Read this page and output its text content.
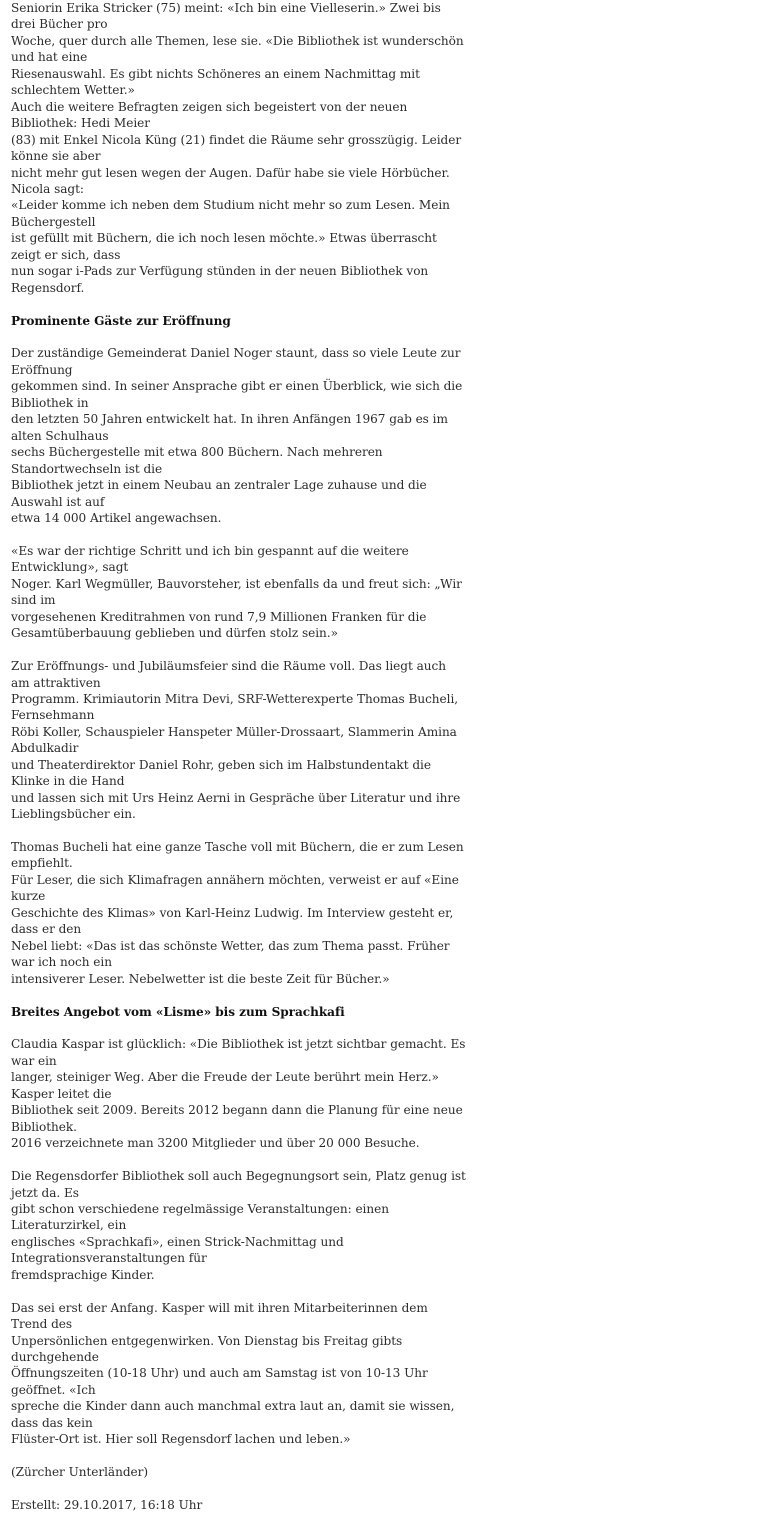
Seniorin Erika Stricker (75) meint: «Ich bin eine Vielleserin.» Zwei bis drei Bücher pro
Woche, quer durch alle Themen, lese sie. «Die Bibliothek ist wunderschön und hat eine
Riesenauswahl. Es gibt nichts Schöneres an einem Nachmittag mit schlechtem Wetter.»
Auch die weitere Befragten zeigen sich begeistert von der neuen Bibliothek: Hedi Meier
(83) mit Enkel Nicola Küng (21) findet die Räume sehr grosszügig. Leider könne sie aber
nicht mehr gut lesen wegen der Augen. Dafür habe sie viele Hörbücher. Nicola sagt:
«Leider komme ich neben dem Studium nicht mehr so zum Lesen. Mein Büchergestell
ist gefüllt mit Büchern, die ich noch lesen möchte.» Etwas überrascht zeigt er sich, dass
nun sogar i-Pads zur Verfügung stünden in der neuen Bibliothek von Regensdorf.

Prominente Gäste zur Eröffnung

Der zuständige Gemeinderat Daniel Noger staunt, dass so viele Leute zur Eröffnung
gekommen sind. In seiner Ansprache gibt er einen Überblick, wie sich die Bibliothek in
den letzten 50 Jahren entwickelt hat. In ihren Anfängen 1967 gab es im alten Schulhaus
sechs Büchergestelle mit etwa 800 Büchern. Nach mehreren Standortwechseln ist die
Bibliothek jetzt in einem Neubau an zentraler Lage zuhause und die Auswahl ist auf
etwa 14 000 Artikel angewachsen.

«Es war der richtige Schritt und ich bin gespannt auf die weitere Entwicklung», sagt
Noger. Karl Wegmüller, Bauvorsteher, ist ebenfalls da und freut sich: „Wir sind im
vorgesehenen Kreditrahmen von rund 7,9 Millionen Franken für die
Gesamtüberbauung geblieben und dürfen stolz sein.»

Zur Eröffnungs- und Jubiläumsfeier sind die Räume voll. Das liegt auch am attraktiven
Programm. Krimiautorin Mitra Devi, SRF-Wetterexperte Thomas Bucheli, Fernsehmann
Röbi Koller, Schauspieler Hanspeter Müller-Drossaart, Slammerin Amina Abdulkadir
und Theaterdirektor Daniel Rohr, geben sich im Halbstundentakt die Klinke in die Hand
und lassen sich mit Urs Heinz Aerni in Gespräche über Literatur und ihre
Lieblingsbücher ein.

Thomas Bucheli hat eine ganze Tasche voll mit Büchern, die er zum Lesen empfiehlt.
Für Leser, die sich Klimafragen annähern möchten, verweist er auf «Eine kurze
Geschichte des Klimas» von Karl-Heinz Ludwig. Im Interview gesteht er, dass er den
Nebel liebt: «Das ist das schönste Wetter, das zum Thema passt. Früher war ich noch ein
intensiverer Leser. Nebelwetter ist die beste Zeit für Bücher.»

Breites Angebot vom «Lisme» bis zum Sprachkafi

Claudia Kaspar ist glücklich: «Die Bibliothek ist jetzt sichtbar gemacht. Es war ein
langer, steiniger Weg. Aber die Freude der Leute berührt mein Herz.» Kasper leitet die
Bibliothek seit 2009. Bereits 2012 begann dann die Planung für eine neue Bibliothek.
2016 verzeichnete man 3200 Mitglieder und über 20 000 Besuche.

Die Regensdorfer Bibliothek soll auch Begegnungsort sein, Platz genug ist jetzt da. Es
gibt schon verschiedene regelmässige Veranstaltungen: einen Literaturzirkel, ein
englisches «Sprachkafi», einen Strick-Nachmittag und Integrationsveranstaltungen für
fremdsprachige Kinder.

Das sei erst der Anfang. Kasper will mit ihren Mitarbeiterinnen dem Trend des
Unpersönlichen entgegenwirken. Von Dienstag bis Freitag gibts durchgehende
Öffnungszeiten (10-18 Uhr) und auch am Samstag ist von 10-13 Uhr geöffnet. «Ich
spreche die Kinder dann auch manchmal extra laut an, damit sie wissen, dass das kein
Flüster-Ort ist. Hier soll Regensdorf lachen und leben.»

(Zürcher Unterländer)

Erstellt: 29.10.2017, 16:18 Uhr
